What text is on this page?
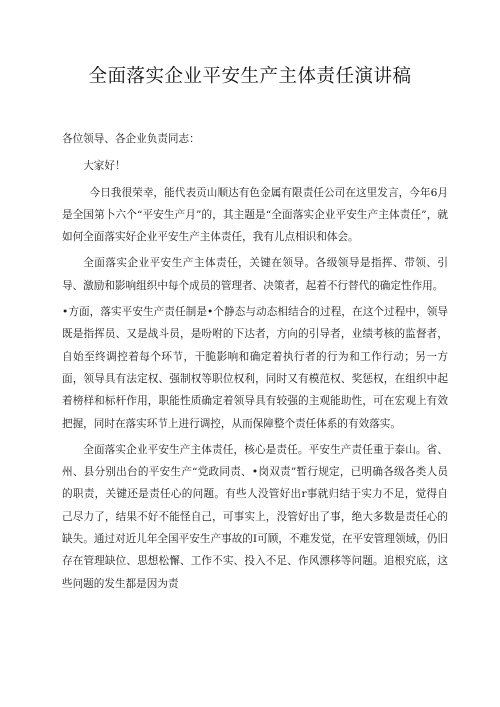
全面落实企业平安生产主体责任演讲稿

各位领导、各企业负责同志：

大家好！

今日我很荣幸，能代表贡山顺达有色金属有限责任公司在这里发言，今年6月是全国第卜六个“平安生产月”的，其主题是“全面落实企业平安生产主体责任”，就如何全面落实好企业平安生产主体责任，我有儿点相识和体会。

全面落实企业平安生产主体责任，关键在领导。各级领导是指挥、带领、引导、激励和影响组织中每个成员的管理者、决策者，起着不行替代的确定性作用。

•方面，落实平安生产责任制是•个静态与动态相结合的过程，在这个过程中，领导既是指挥员、又是战斗员，是吩咐的下达者，方向的引导者，业绩考核的监督者，自始至终调控着每个环节，干脆影响和确定着执行者的行为和工作行动；另一方面，领导具有法定权、强制权等职位权利，同时又有模范权、奖惩权，在组织中起着榜样和标杆作用，职能性质确定着领导具有较强的主观能助性，可在宏观上有效把握，同时在落实环节上进行调控，从而保障整个责任体系的有效落实。

全面落实企业平安生产主体责任，核心是责任。平安生产责任重于泰山。省、州、县分别出台的平安生产“党政同责、•岗双责”暂行规定，已明确各级各类人员的职责，关键还是责任心的问题。有些人没管好出r事就归结于实力不足，觉得自己尽力了，结果不好不能怪自己，可事实上，没管好出了事，绝大多数是责任心的缺失。通过对近儿年全国平安生产事故的I可顾，不难发觉，在平安管理领域，仍旧存在管理缺位、思想松懈、工作不实、投入不足、作风漂移等问题。追根究底，这些问题的发生都是因为责
